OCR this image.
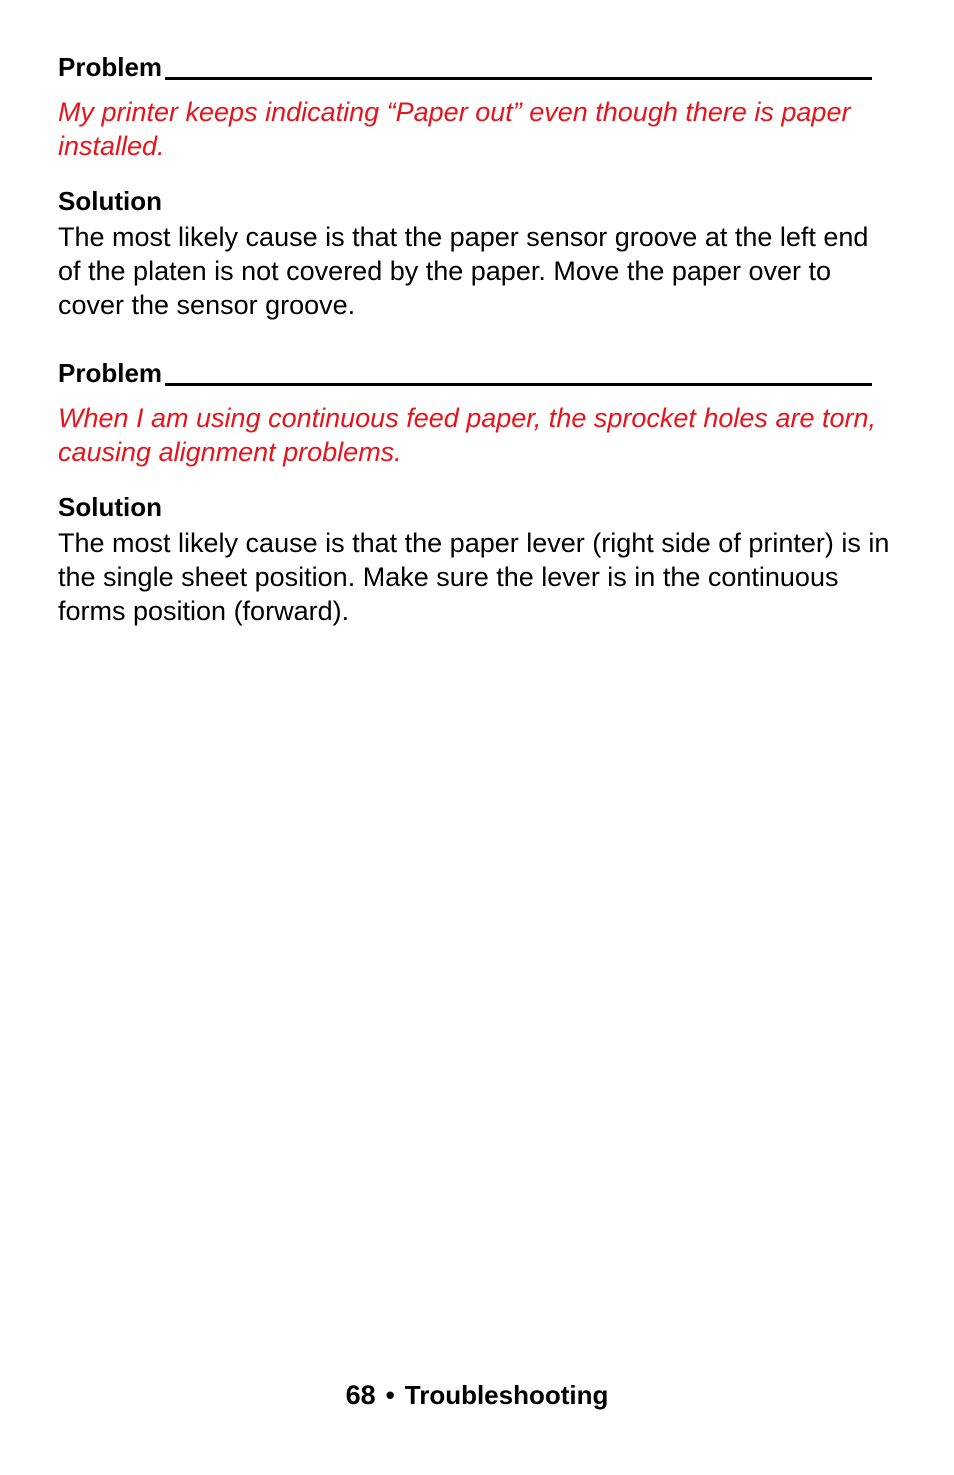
Problem
My printer keeps indicating “Paper out” even though there is paper installed.
Solution
The most likely cause is that the paper sensor groove at the left end of the platen is not covered by the paper. Move the paper over to cover the sensor groove.
Problem
When I am using continuous feed paper, the sprocket holes are torn, causing alignment problems.
Solution
The most likely cause is that the paper lever (right side of printer) is in the single sheet position. Make sure the lever is in the continuous forms position (forward).
68 • Troubleshooting
